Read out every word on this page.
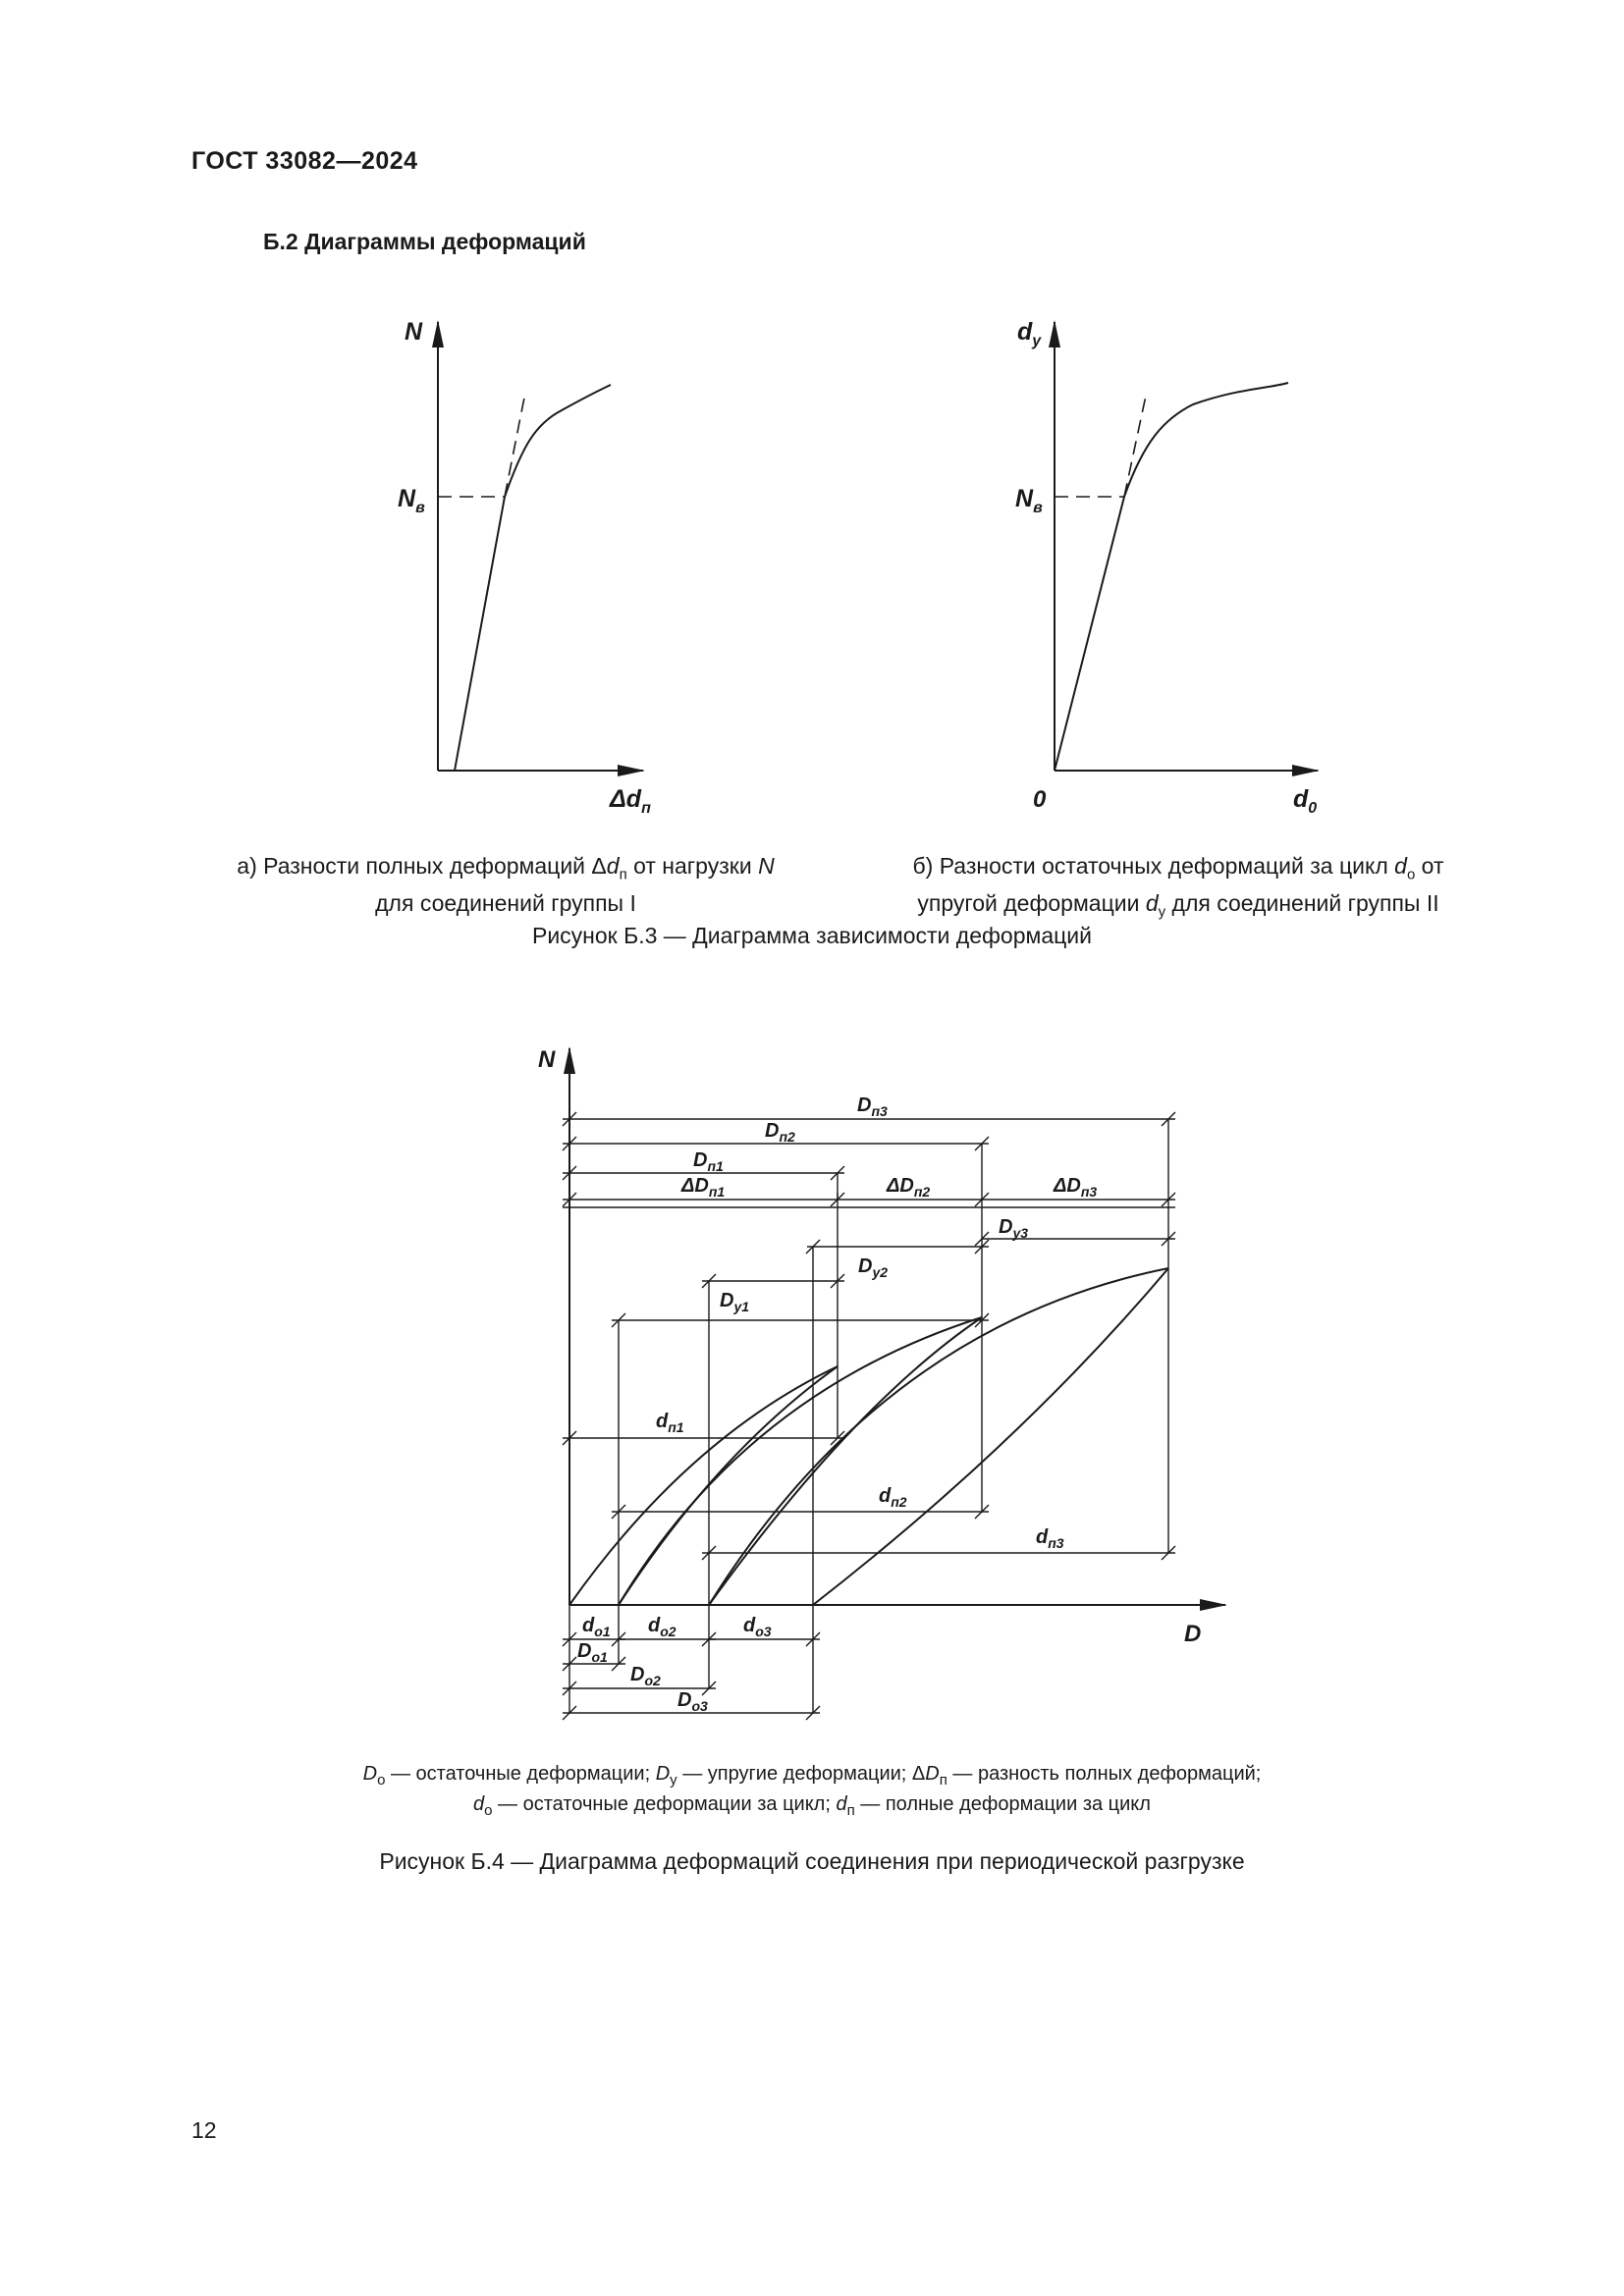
ГОСТ 33082—2024
Б.2 Диаграммы деформаций
N
$N_в$
$\Delta d_п$
$d_у$
$N_в$
0	$d_0$
N
D
$D_{п3}$
$D_{п2}$
$D_{п1}$
$\Delta D_{п1}$	$\Delta D_{п2}$	$\Delta D_{п3}$
$D_{у3}$
$D_{у2}$
$D_{у1}$
$d_{п1}$
$d_{п2}$
$d_{п3}$
$d_{о1}$ $d_{о2}$	$d_{о3}$
$D_{о1}$
$D_{о2}$
$D_{о3}$
а) Разности полных деформаций $\Delta d_п$ от нагрузки N
для соединений группы I
б) Разности остаточных деформаций за цикл $d_о$ от
упругой деформации $d_у$ для соединений группы II
Рисунок Б.3 — Диаграмма зависимости деформаций
$D_о$ — остаточные деформации; $D_у$ — упругие деформации; $\Delta D_п$ — разность полных деформаций;
$d_о$ — остаточные деформации за цикл; $d_п$ — полные деформации за цикл
Рисунок Б.4 — Диаграмма деформаций соединения при периодической разгрузке
12
